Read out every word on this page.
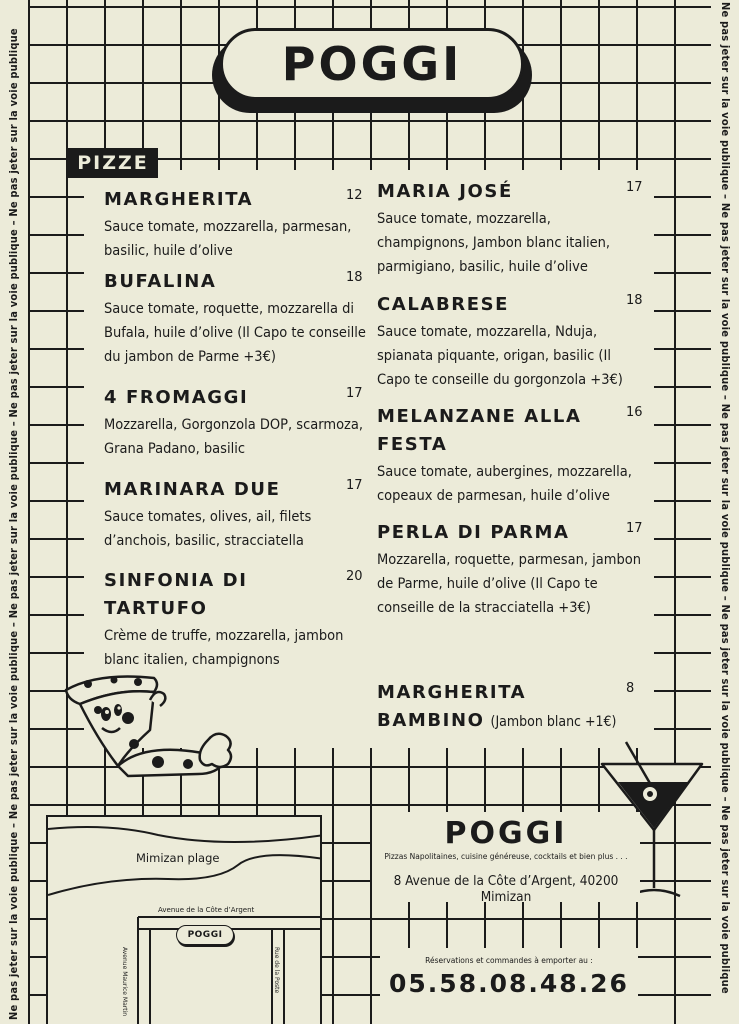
Ne pas jeter sur la voie publique – Ne pas jeter sur la voie publique – Ne pas jeter sur la voie publique – Ne pas jeter sur la voie publique – Ne pas jeter sur la voie publique	Ne pas jeter sur la voie publique – Ne pas jeter sur la voie publique – Ne pas jeter sur la voie publique – Ne pas jeter sur la voie publique – Ne pas jeter sur la voie publique
POGGI
MARGHERITA	12
Sauce tomate, mozzarella, parmesan, basilic, huile d’olive
BUFALINA	18
Sauce tomate, roquette, mozzarella di Bufala, huile d’olive (Il Capo te conseille du jambon de Parme +3€)
4 FROMAGGI	17
Mozzarella, Gorgonzola DOP, scarmoza, Grana Padano, basilic
MARINARA DUE	17
Sauce tomates, olives, ail, filets d’anchois, basilic, stracciatella
SINFONIA DI TARTUFO
20
Crème de truffe, mozzarella, jambon blanc italien, champignons
MARIA JOSÉ	17
Sauce tomate, mozzarella, champignons, Jambon blanc italien, parmigiano, basilic, huile d’olive
CALABRESE	18
Sauce tomate, mozzarella, Nduja, spianata piquante, origan, basilic (Il Capo te conseille du gorgonzola +3€)
MELANZANE ALLA FESTA
16
Sauce tomate, aubergines, mozzarella, copeaux de parmesan, huile d’olive
PERLA DI PARMA	17
Mozzarella, roquette, parmesan, jambon de Parme, huile d’olive (Il Capo te conseille de la stracciatella +3€)
MARGHERITA BAMBINO (Jambon blanc +1€)
8
PIZZE
Mimizan plage
Avenue de la Côte d’Argent
POGGI
Avenue Maurice Martin	Rue de la Poste
POGGI
Pizzas Napolitaines, cuisine généreuse, cocktails et bien plus . . .
8 Avenue de la Côte d’Argent, 40200 Mimizan
Réservations et commandes à emporter au :
05.58.08.48.26
